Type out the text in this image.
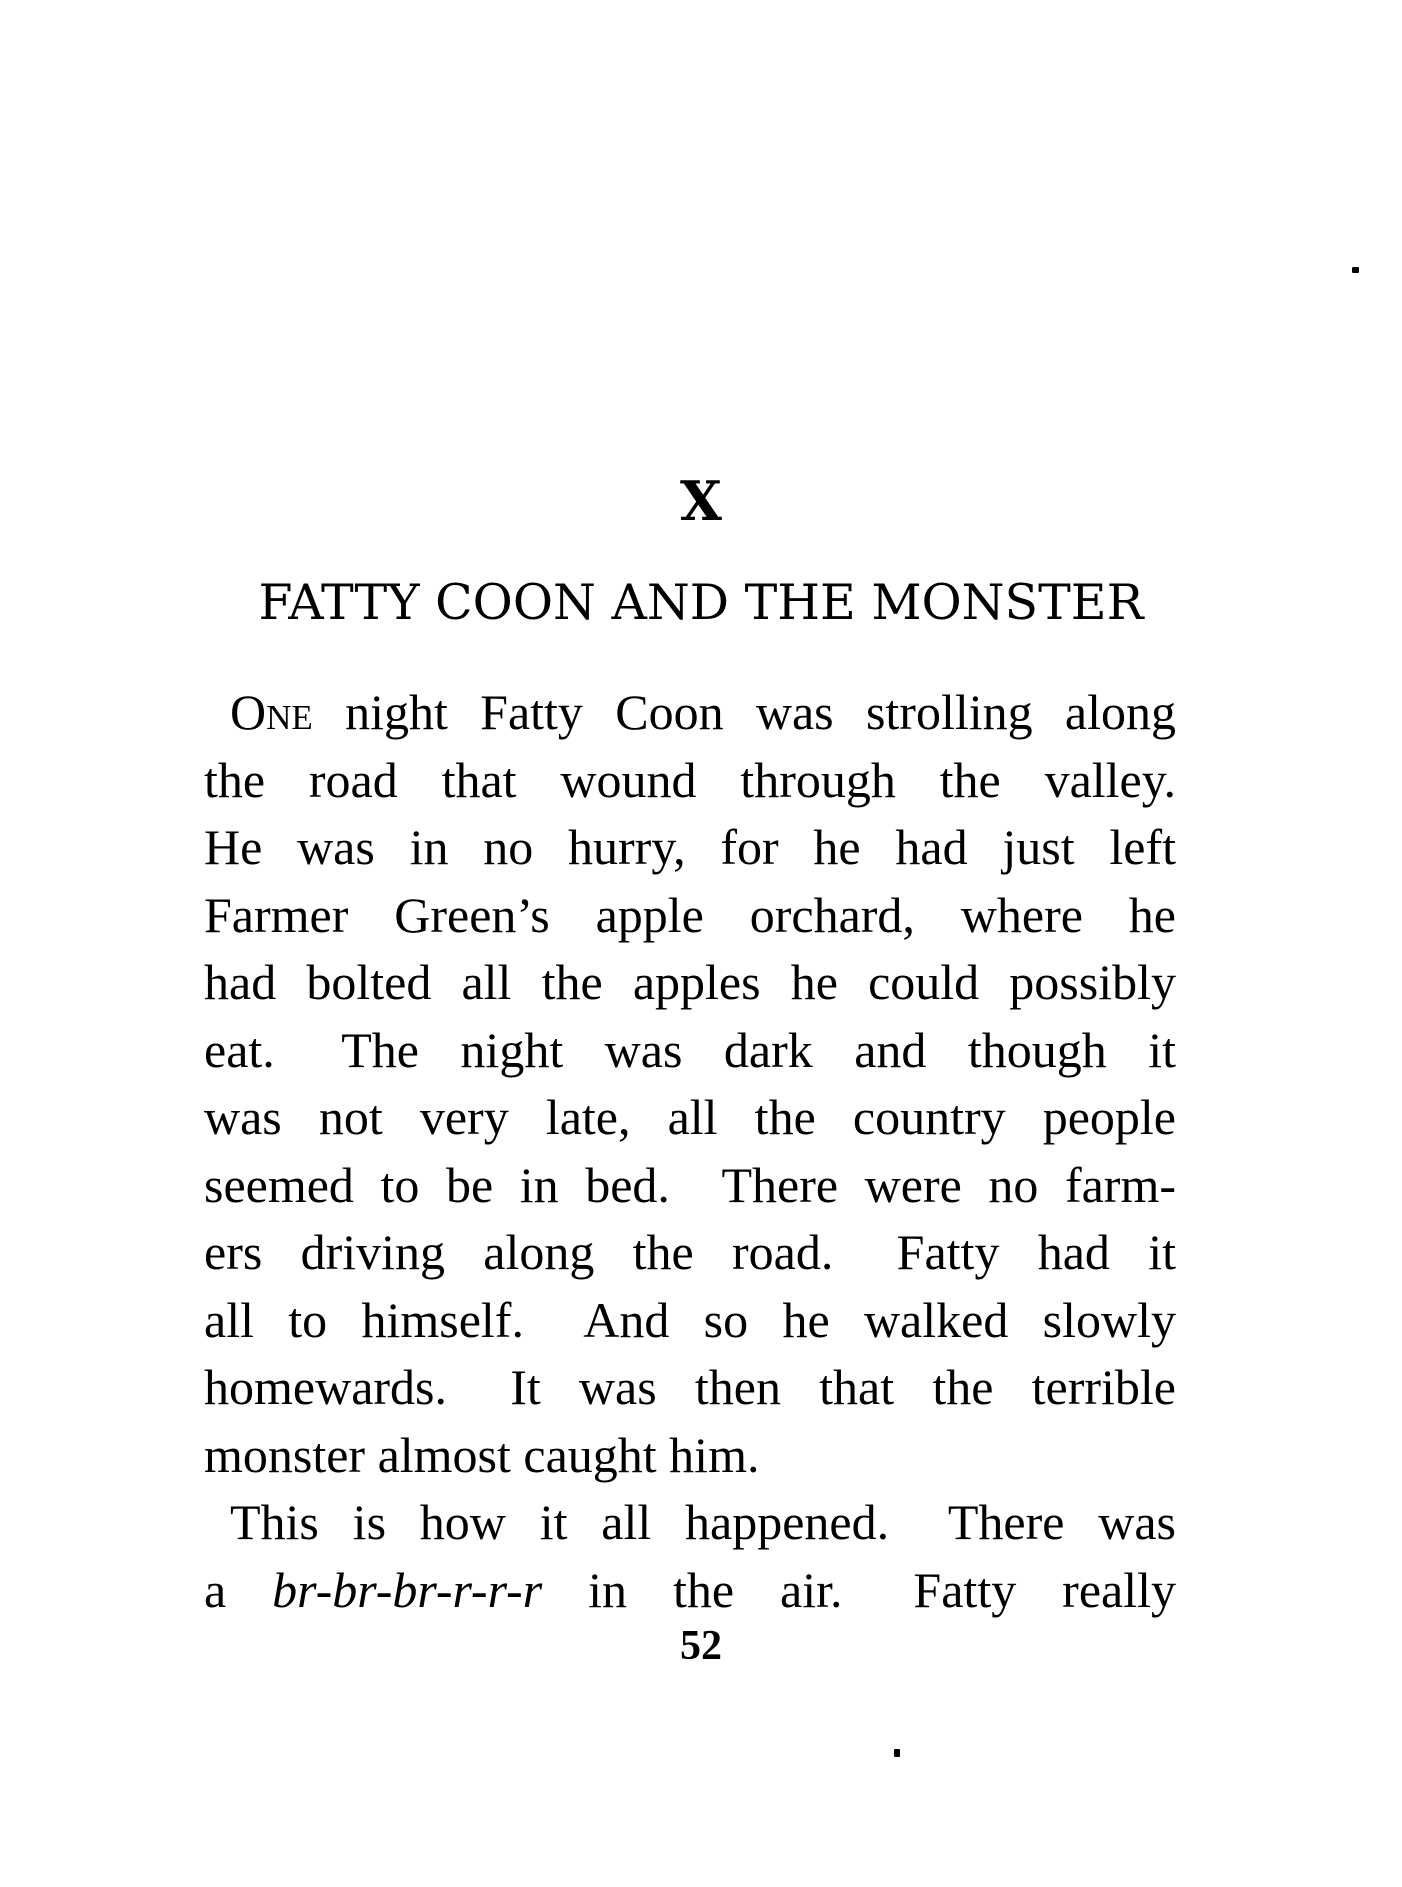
X
FATTY COON AND THE MONSTER
One night Fatty Coon was strolling along
the road that wound through the valley.
He was in no hurry, for he had just left
Farmer Green’s apple orchard, where he
had bolted all the apples he could possibly
eat.  The night was dark and though it
was not very late, all the country people
seemed to be in bed.  There were no farm-
ers driving along the road.  Fatty had it
all to himself.  And so he walked slowly
homewards.  It was then that the terrible
monster almost caught him.
This is how it all happened.  There was
a br-br-br-r-r-r in the air.  Fatty really
52
